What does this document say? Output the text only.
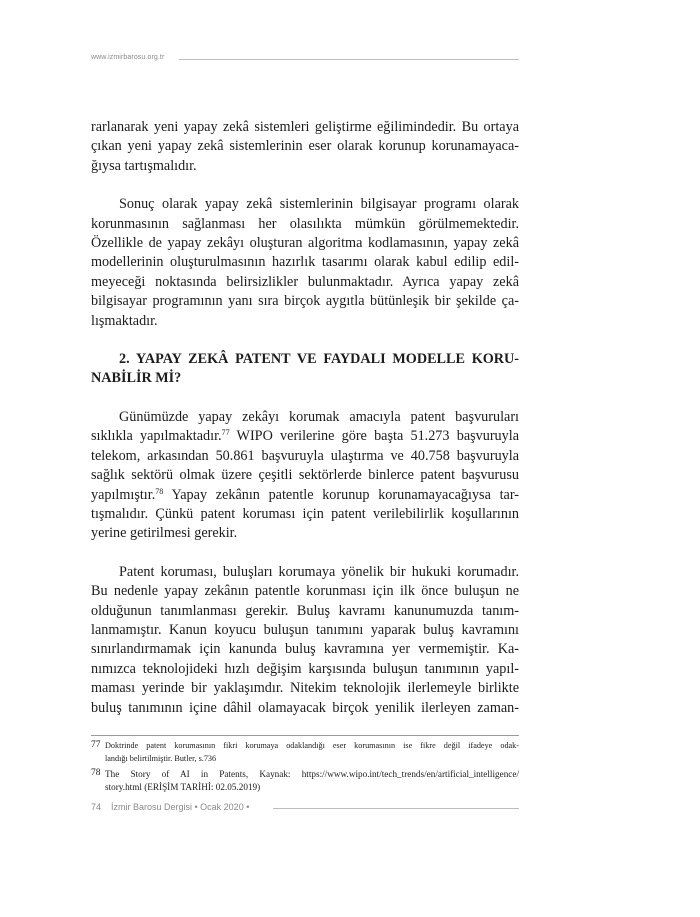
www.izmirbarosu.org.tr

rarlanarak yeni yapay zekâ sistemleri geliştirme eğilimindedir. Bu ortaya
çıkan yeni yapay zekâ sistemlerinin eser olarak korunup korunamayaca-
ğıysa tartışmalıdır.

Sonuç olarak yapay zekâ sistemlerinin bilgisayar programı olarak
korunmasının sağlanması her olasılıkta mümkün görülmemektedir.
Özellikle de yapay zekâyı oluşturan algoritma kodlamasının, yapay zekâ
modellerinin oluşturulmasının hazırlık tasarımı olarak kabul edilip edil-
meyeceği noktasında belirsizlikler bulunmaktadır. Ayrıca yapay zekâ
bilgisayar programının yanı sıra birçok aygıtla bütünleşik bir şekilde ça-
lışmaktadır.

2. YAPAY ZEKÂ PATENT VE FAYDALI MODELLE KORU-
NABİLİR Mİ?

Günümüzde yapay zekâyı korumak amacıyla patent başvuruları
sıklıkla yapılmaktadır.$^{77}$ WIPO verilerine göre başta 51.273 başvuruyla
telekom, arkasından 50.861 başvuruyla ulaştırma ve 40.758 başvuruyla
sağlık sektörü olmak üzere çeşitli sektörlerde binlerce patent başvurusu
yapılmıştır.$^{78}$ Yapay zekânın patentle korunup korunamayacağıysa tar-
tışmalıdır. Çünkü patent koruması için patent verilebilirlik koşullarının
yerine getirilmesi gerekir.

Patent koruması, buluşları korumaya yönelik bir hukuki korumadır.
Bu nedenle yapay zekânın patentle korunması için ilk önce buluşun ne
olduğunun tanımlanması gerekir. Buluş kavramı kanunumuzda tanım-
lanmamıştır. Kanun koyucu buluşun tanımını yaparak buluş kavramını
sınırlandırmamak için kanunda buluş kavramına yer vermemiştir. Ka-
nımızca teknolojideki hızlı değişim karşısında buluşun tanımının yapıl-
maması yerinde bir yaklaşımdır. Nitekim teknolojik ilerlemeyle birlikte
buluş tanımının içine dâhil olamayacak birçok yenilik ilerleyen zaman-

77 Doktrinde patent korumasının fikri korumaya odaklandığı eser korumasının ise fikre değil ifadeye odak-
landığı belirtilmiştir. Butler, s.736
78 The Story of AI in Patents, Kaynak: https://www.wipo.int/tech_trends/en/artificial_intelligence/
story.html (ERİŞİM TARİHİ: 02.05.2019)
74 İzmir Barosu Dergisi • Ocak 2020 •
